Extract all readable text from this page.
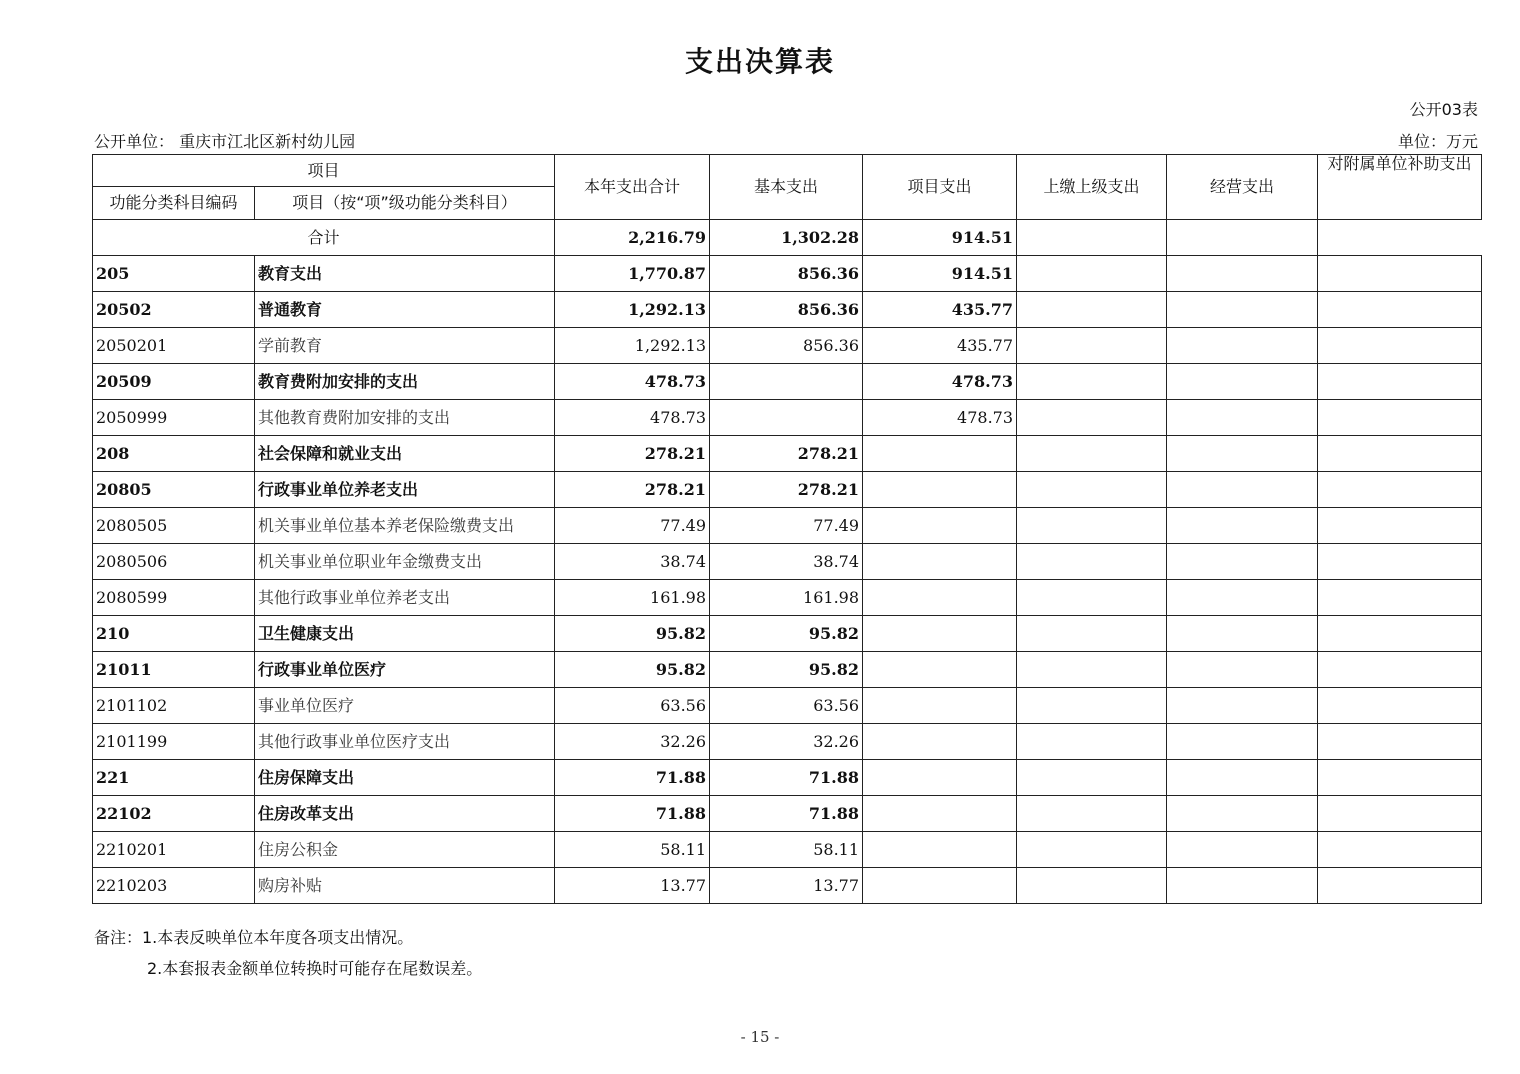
支出决算表
公开03表
公开单位： 重庆市江北区新村幼儿园	单位：万元
项目		本年支出合计	基本支出	项目支出	上缴上级支出	经营支出	对附属单位补助支出
功能分类科目编码	项目（按“项”级功能分类科目）						
合计		2,216.79	1,302.28	914.51			
205	教育支出	1,770.87	856.36	914.51			
20502	普通教育	1,292.13	856.36	435.77			
2050201	学前教育	1,292.13	856.36	435.77			
20509	教育费附加安排的支出	478.73		478.73			
2050999	其他教育费附加安排的支出	478.73		478.73			
208	社会保障和就业支出	278.21	278.21				
20805	行政事业单位养老支出	278.21	278.21				
2080505	机关事业单位基本养老保险缴费支出	77.49	77.49				
2080506	机关事业单位职业年金缴费支出	38.74	38.74				
2080599	其他行政事业单位养老支出	161.98	161.98				
210	卫生健康支出	95.82	95.82				
21011	行政事业单位医疗	95.82	95.82				
2101102	事业单位医疗	63.56	63.56				
2101199	其他行政事业单位医疗支出	32.26	32.26				
221	住房保障支出	71.88	71.88				
22102	住房改革支出	71.88	71.88				
2210201	住房公积金	58.11	58.11				
2210203	购房补贴	13.77	13.77				
备注：1.本表反映单位本年度各项支出情况。
2.本套报表金额单位转换时可能存在尾数误差。
- 15 -
